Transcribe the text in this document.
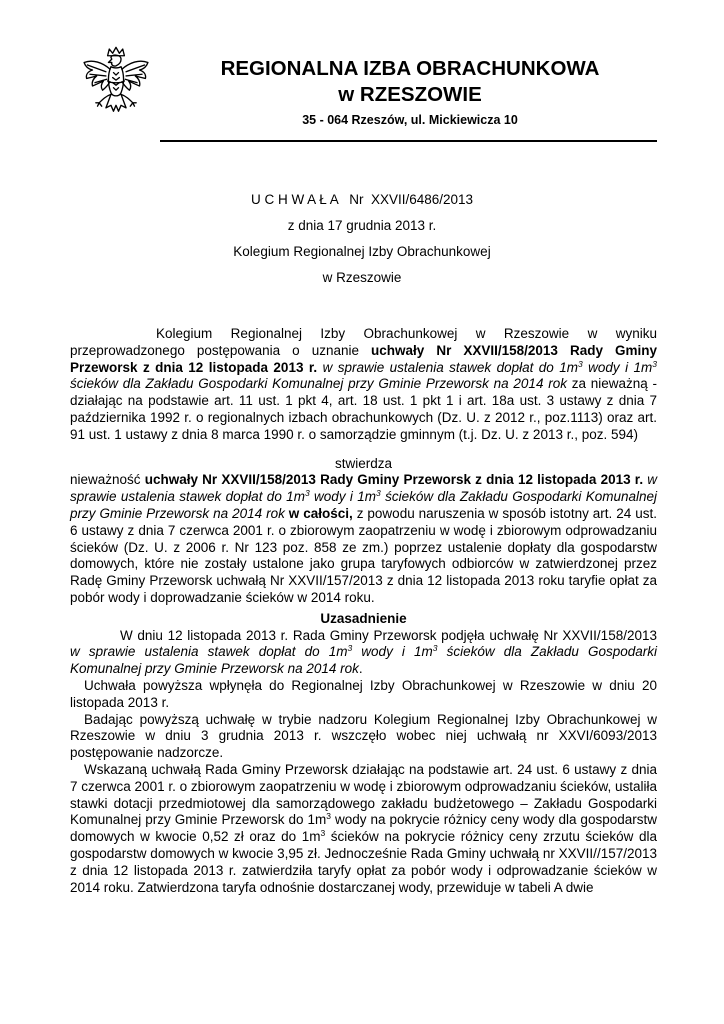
REGIONALNA IZBA OBRACHUNKOWA
w RZESZOWIE
35 - 064 Rzeszów, ul. Mickiewicza 10
U C H W A Ł A   Nr  XXVII/6486/2013
z dnia 17 grudnia 2013 r.
Kolegium Regionalnej Izby Obrachunkowej
w Rzeszowie

Kolegium Regionalnej Izby Obrachunkowej w Rzeszowie w wyniku przeprowadzonego postępowania o uznanie uchwały Nr XXVII/158/2013 Rady Gminy Przeworsk z dnia 12 listopada 2013 r. w sprawie ustalenia stawek dopłat do $1m^3$ wody i $1m^3$ ścieków dla Zakładu Gospodarki Komunalnej przy Gminie Przeworsk na 2014 rok za nieważną - działając na podstawie art. 11 ust. 1 pkt 4, art. 18 ust. 1 pkt 1 i art. 18a ust. 3 ustawy z dnia 7 października 1992 r. o regionalnych izbach obrachunkowych (Dz. U. z 2012 r., poz.1113) oraz art. 91 ust. 1 ustawy z dnia 8 marca 1990 r. o samorządzie gminnym (t.j. Dz. U. z 2013 r., poz. 594)

stwierdza

nieważność uchwały Nr XXVII/158/2013 Rady Gminy Przeworsk z dnia 12 listopada 2013 r. w sprawie ustalenia stawek dopłat do $1m^3$ wody i $1m^3$ ścieków dla Zakładu Gospodarki Komunalnej przy Gminie Przeworsk na 2014 rok w całości, z powodu naruszenia w sposób istotny art. 24 ust. 6 ustawy z dnia 7 czerwca 2001 r. o zbiorowym zaopatrzeniu w wodę i zbiorowym odprowadzaniu ścieków (Dz. U. z 2006 r. Nr 123 poz. 858 ze zm.) poprzez ustalenie dopłaty dla gospodarstw domowych, które nie zostały ustalone jako grupa taryfowych odbiorców w zatwierdzonej przez Radę Gminy Przeworsk uchwałą Nr XXVII/157/2013 z dnia 12 listopada 2013 roku taryfie opłat za pobór wody i doprowadzanie ścieków w 2014 roku.

Uzasadnienie

W dniu 12 listopada 2013 r. Rada Gminy Przeworsk podjęła uchwałę Nr XXVII/158/2013 w sprawie ustalenia stawek dopłat do $1m^3$ wody i $1m^3$ ścieków dla Zakładu Gospodarki Komunalnej przy Gminie Przeworsk na 2014 rok.

Uchwała powyższa wpłynęła do Regionalnej Izby Obrachunkowej w Rzeszowie w dniu 20 listopada 2013 r.

Badając powyższą uchwałę w trybie nadzoru Kolegium Regionalnej Izby Obrachunkowej w Rzeszowie w dniu 3 grudnia 2013 r. wszczęło wobec niej uchwałą nr XXVI/6093/2013 postępowanie nadzorcze.

Wskazaną uchwałą Rada Gminy Przeworsk działając na podstawie art. 24 ust. 6 ustawy z dnia 7 czerwca 2001 r. o zbiorowym zaopatrzeniu w wodę i zbiorowym odprowadzaniu ścieków, ustaliła stawki dotacji przedmiotowej dla samorządowego zakładu budżetowego – Zakładu Gospodarki Komunalnej przy Gminie Przeworsk do $1m^3$ wody na pokrycie różnicy ceny wody dla gospodarstw domowych w kwocie 0,52 zł oraz do $1m^3$ ścieków na pokrycie różnicy ceny zrzutu ścieków dla gospodarstw domowych w kwocie 3,95 zł. Jednocześnie Rada Gminy uchwałą nr XXVII//157/2013 z dnia 12 listopada 2013 r. zatwierdziła taryfy opłat za pobór wody i odprowadzanie ścieków w 2014 roku. Zatwierdzona taryfa odnośnie dostarczanej wody, przewiduje w tabeli A dwie
